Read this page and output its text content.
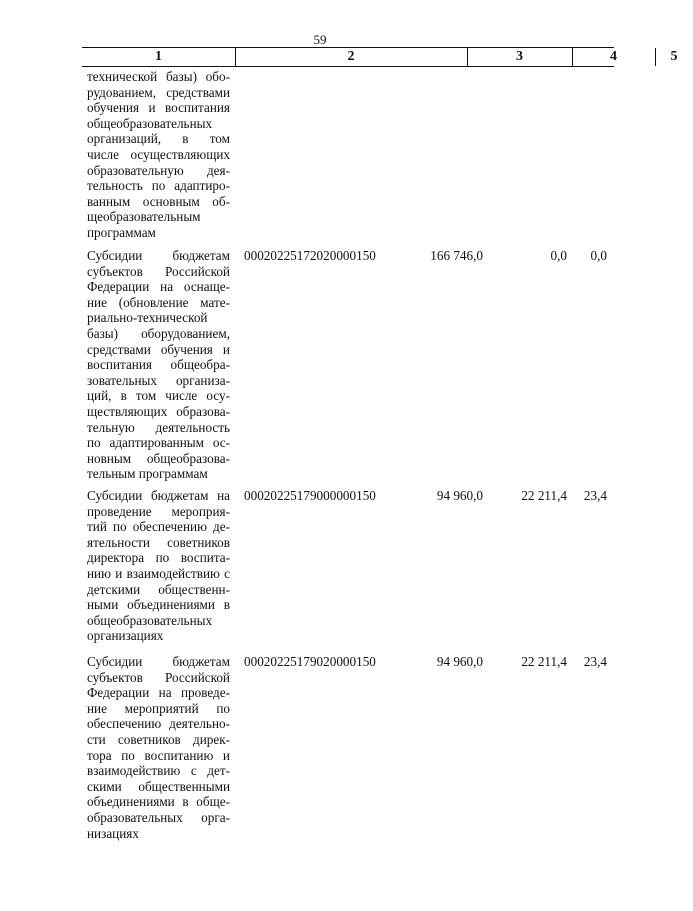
59
1	2	3	4	5
технической базы) обо-
рудованием, средствами
обучения и воспитания
общеобразовательных
организаций, в том
числе осуществляющих
образовательную дея-
тельность по адаптиро-
ванным основным об-
щеобразовательным
программам
Субсидии бюджетам
субъектов Российской
Федерации на оснаще-
ние (обновление мате-
риально-технической
базы) оборудованием,
средствами обучения и
воспитания общеобра-
зовательных организа-
ций, в том числе осу-
ществляющих образова-
тельную деятельность
по адаптированным ос-
новным общеобразова-
тельным программам
00020225172020000150	166 746,0	0,0	0,0
Субсидии бюджетам на
проведение мероприя-
тий по обеспечению де-
ятельности советников
директора по воспита-
нию и взаимодействию с
детскими общественн-
ными объединениями в
общеобразовательных
организациях
00020225179000000150	94 960,0	22 211,4	23,4
Субсидии бюджетам
субъектов Российской
Федерации на проведе-
ние мероприятий по
обеспечению деятельно-
сти советников дирек-
тора по воспитанию и
взаимодействию с дет-
скими общественными
объединениями в обще-
образовательных орга-
низациях
00020225179020000150	94 960,0	22 211,4	23,4
